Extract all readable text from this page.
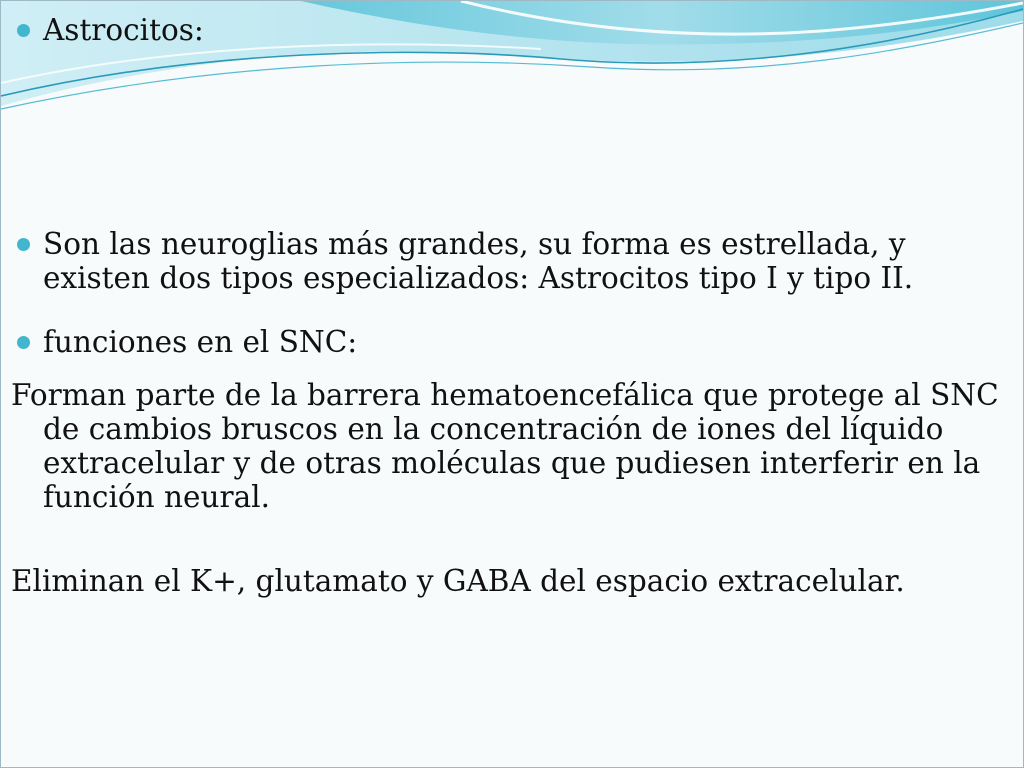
Astrocitos:
Son las neuroglias más grandes, su forma es estrellada, y existen dos tipos especializados: Astrocitos tipo I y tipo II.
funciones en el SNC:
Forman parte de la barrera hematoencefálica que protege al SNC de cambios bruscos en la concentración de iones del líquido extracelular y de otras moléculas que pudiesen interferir en la función neural.
Eliminan el K+, glutamato y GABA del espacio extracelular.
